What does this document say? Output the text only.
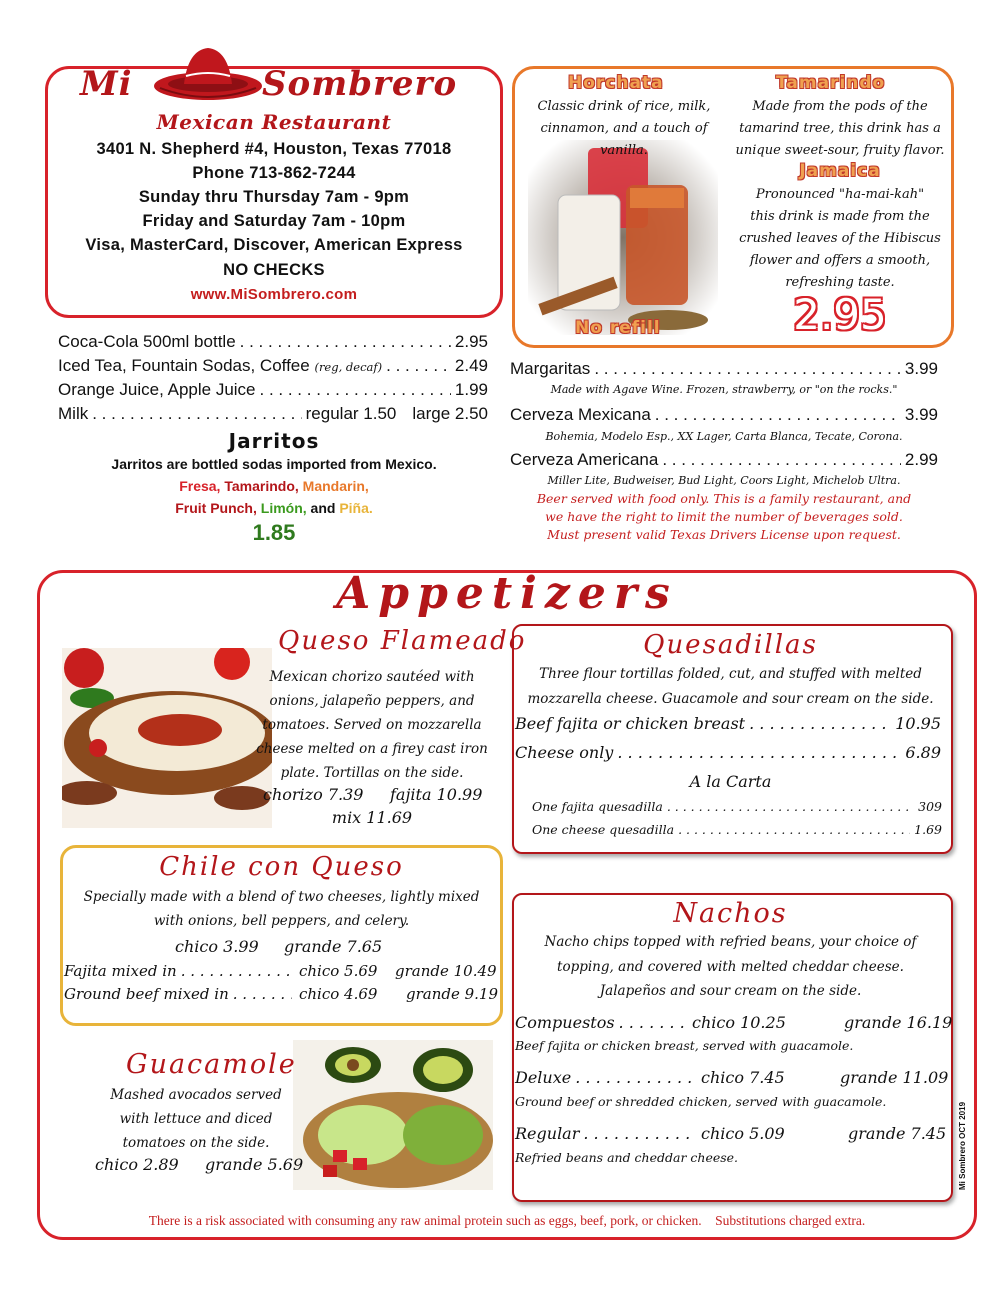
Mi	Sombrero
Mexican Restaurant
3401 N. Shepherd #4, Houston, Texas 77018
Phone 713-862-7244
Sunday thru Thursday 7am - 9pm
Friday and Saturday 7am - 10pm
Visa, MasterCard, Discover, American Express
NO CHECKS
www.MiSombrero.com
Horchata
Classic drink of rice, milk,
cinnamon, and a touch of vanilla.
Tamarindo
Made from the pods of the
tamarind tree, this drink has a
unique sweet-sour, fruity flavor.
Jamaica
Pronounced "ha-mai-kah"
this drink is made from the
crushed leaves of the Hibiscus
flower and offers a smooth,
refreshing taste.
2.95
No refill
Coca-Cola 500ml bottle . . .	2.95
Iced Tea, Fountain Sodas, Coffee
(reg, decaf) . . .	2.49
Orange Juice, Apple Juice . . .	1.99
Milk . . .	regular 1.50 large 2.50
Jarritos
Jarritos are bottled sodas imported from Mexico.
Fresa, Tamarindo, Mandarin,
Fruit Punch, Limón, and Piña.
1.85
Margaritas . . .	3.99
Made with Agave Wine. Frozen, strawberry, or "on the rocks."
Cerveza Mexicana . . .	3.99
Bohemia, Modelo Esp., XX Lager, Carta Blanca, Tecate, Corona.
Cerveza Americana . . .	2.99
Miller Lite, Budweiser, Bud Light, Coors Light, Michelob Ultra.
Beer served with food only. This is a family restaurant, and
we have the right to limit the number of beverages sold.
Must present valid Texas Drivers License upon request.
Appetizers
Queso Flameado
Mexican chorizo sautéed with
onions, jalapeño peppers, and
tomatoes. Served on mozzarella
cheese melted on a firey cast iron
plate. Tortillas on the side.
chorizo 7.39 fajita 10.99
mix 11.69
Quesadillas
Three flour tortillas folded, cut, and stuffed with melted
mozzarella cheese. Guacamole and sour cream on the side.
Beef fajita or chicken breast . . .	10.95
Cheese only . . .	6.89
A la Carta
One fajita quesadilla . . .	309
One cheese quesadilla . . .	1.69
Chile con Queso
Specially made with a blend of two cheeses, lightly mixed
with onions, bell peppers, and celery.
chico 3.99 grande 7.65
Fajita mixed in . . .	chico 5.69 grande 10.49
Ground beef mixed in . . .	chico 4.69 grande 9.19
Guacamole
Mashed avocados served
with lettuce and diced
tomatoes on the side.
chico 2.89 grande 5.69
Nachos
Nacho chips topped with refried beans, your choice of
topping, and covered with melted cheddar cheese.
Jalapeños and sour cream on the side.
Compuestos . . .	chico 10.25	grande 16.19
Beef fajita or chicken breast, served with guacamole.
Deluxe . . .	chico 7.45	grande 11.09
Ground beef or shredded chicken, served with guacamole.
Regular . . .	chico 5.09	grande 7.45
Refried beans and cheddar cheese.	Mi Sombrero OCT 2019
There is a risk associated with consuming any raw animal protein such as eggs, beef, pork, or chicken.    Substitutions charged extra.
